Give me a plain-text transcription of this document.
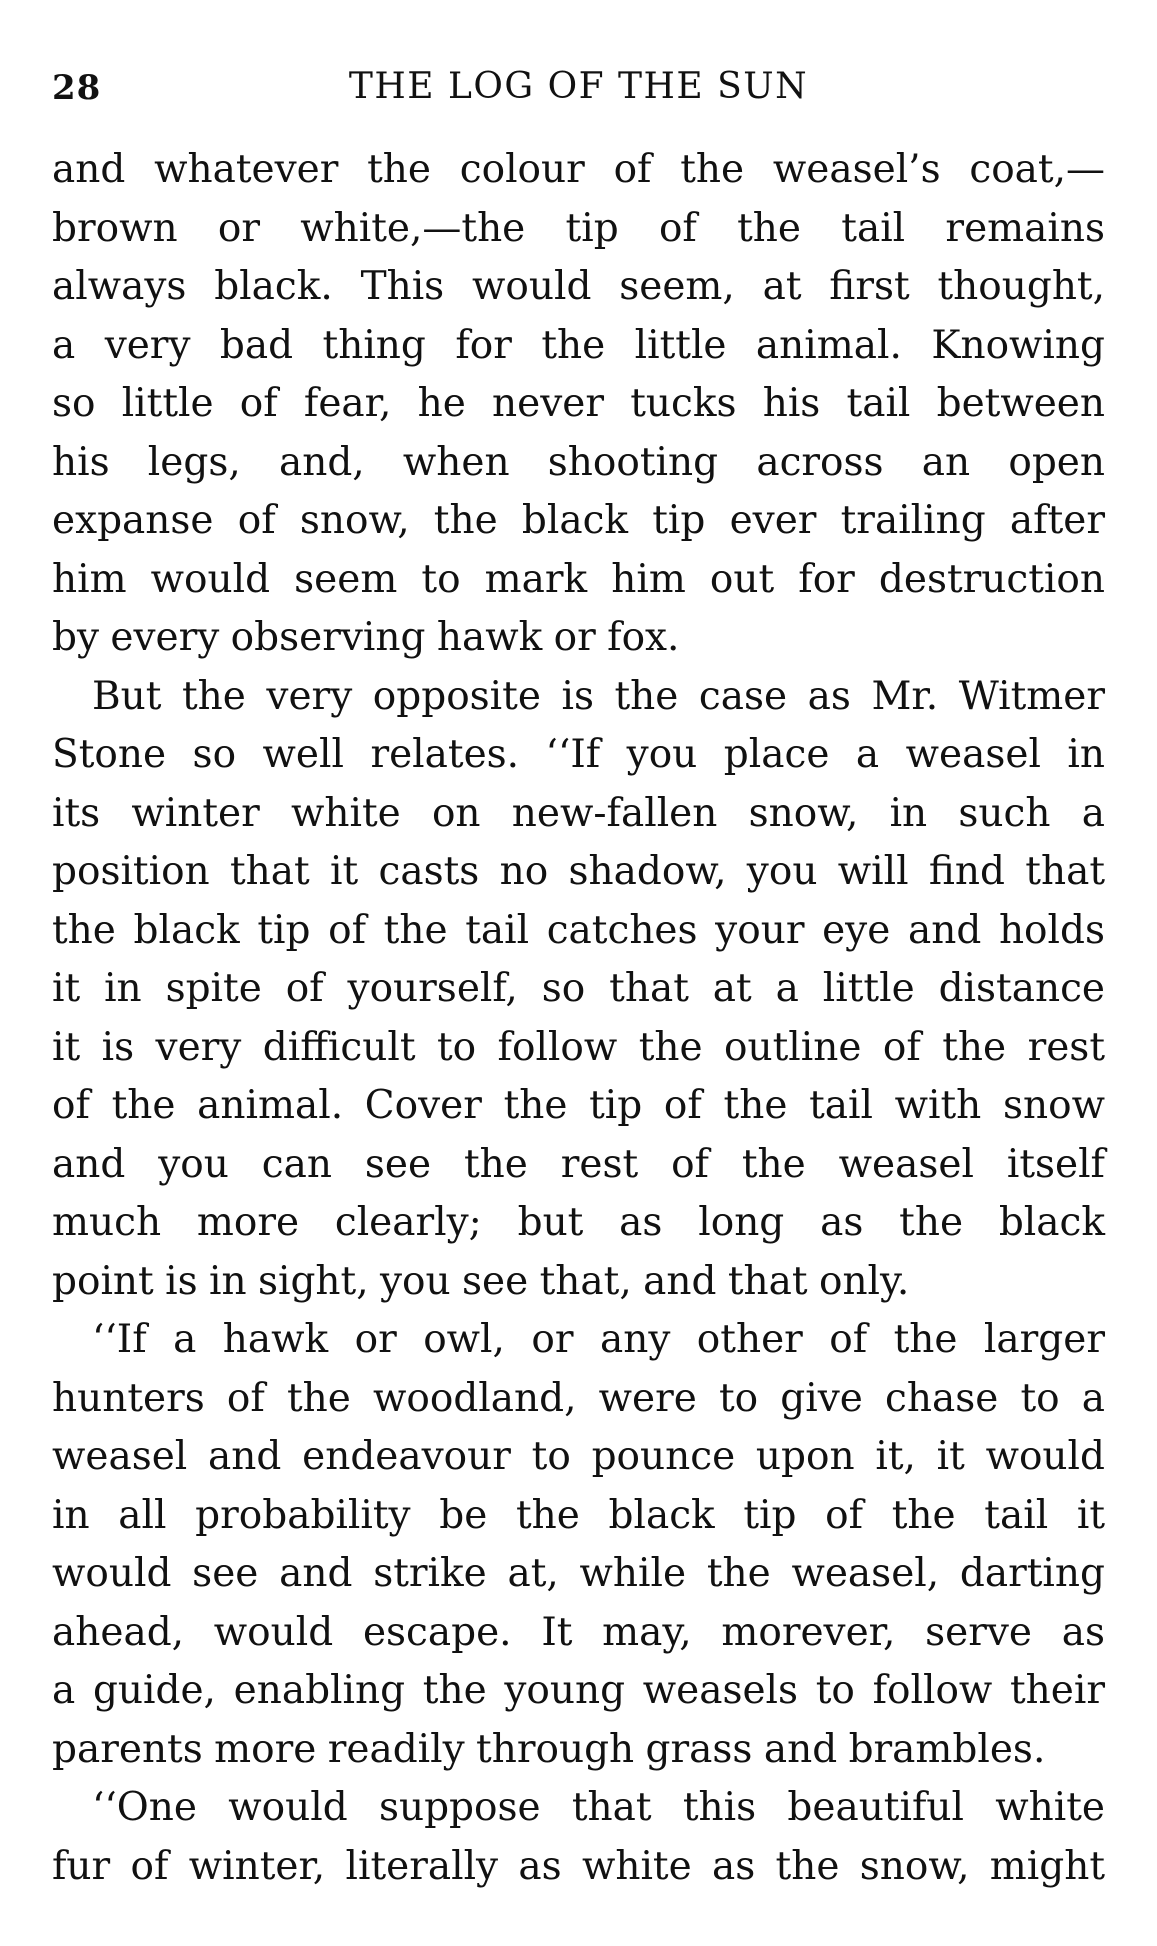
28	THE LOG OF THE SUN
and whatever the colour of the weasel’s coat,—
brown or white,—the tip of the tail remains
always black. This would seem, at first thought,
a very bad thing for the little animal. Knowing
so little of fear, he never tucks his tail between
his legs, and, when shooting across an open
expanse of snow, the black tip ever trailing after
him would seem to mark him out for destruction
by every observing hawk or fox.
But the very opposite is the case as Mr. Witmer
Stone so well relates. ‘‘If you place a weasel in
its winter white on new-fallen snow, in such a
position that it casts no shadow, you will find that
the black tip of the tail catches your eye and holds
it in spite of yourself, so that at a little distance
it is very difficult to follow the outline of the rest
of the animal. Cover the tip of the tail with snow
and you can see the rest of the weasel itself
much more clearly; but as long as the black
point is in sight, you see that, and that only.
‘‘If a hawk or owl, or any other of the larger
hunters of the woodland, were to give chase to a
weasel and endeavour to pounce upon it, it would
in all probability be the black tip of the tail it
would see and strike at, while the weasel, darting
ahead, would escape. It may, morever, serve as
a guide, enabling the young weasels to follow their
parents more readily through grass and brambles.
‘‘One would suppose that this beautiful white
fur of winter, literally as white as the snow, might
